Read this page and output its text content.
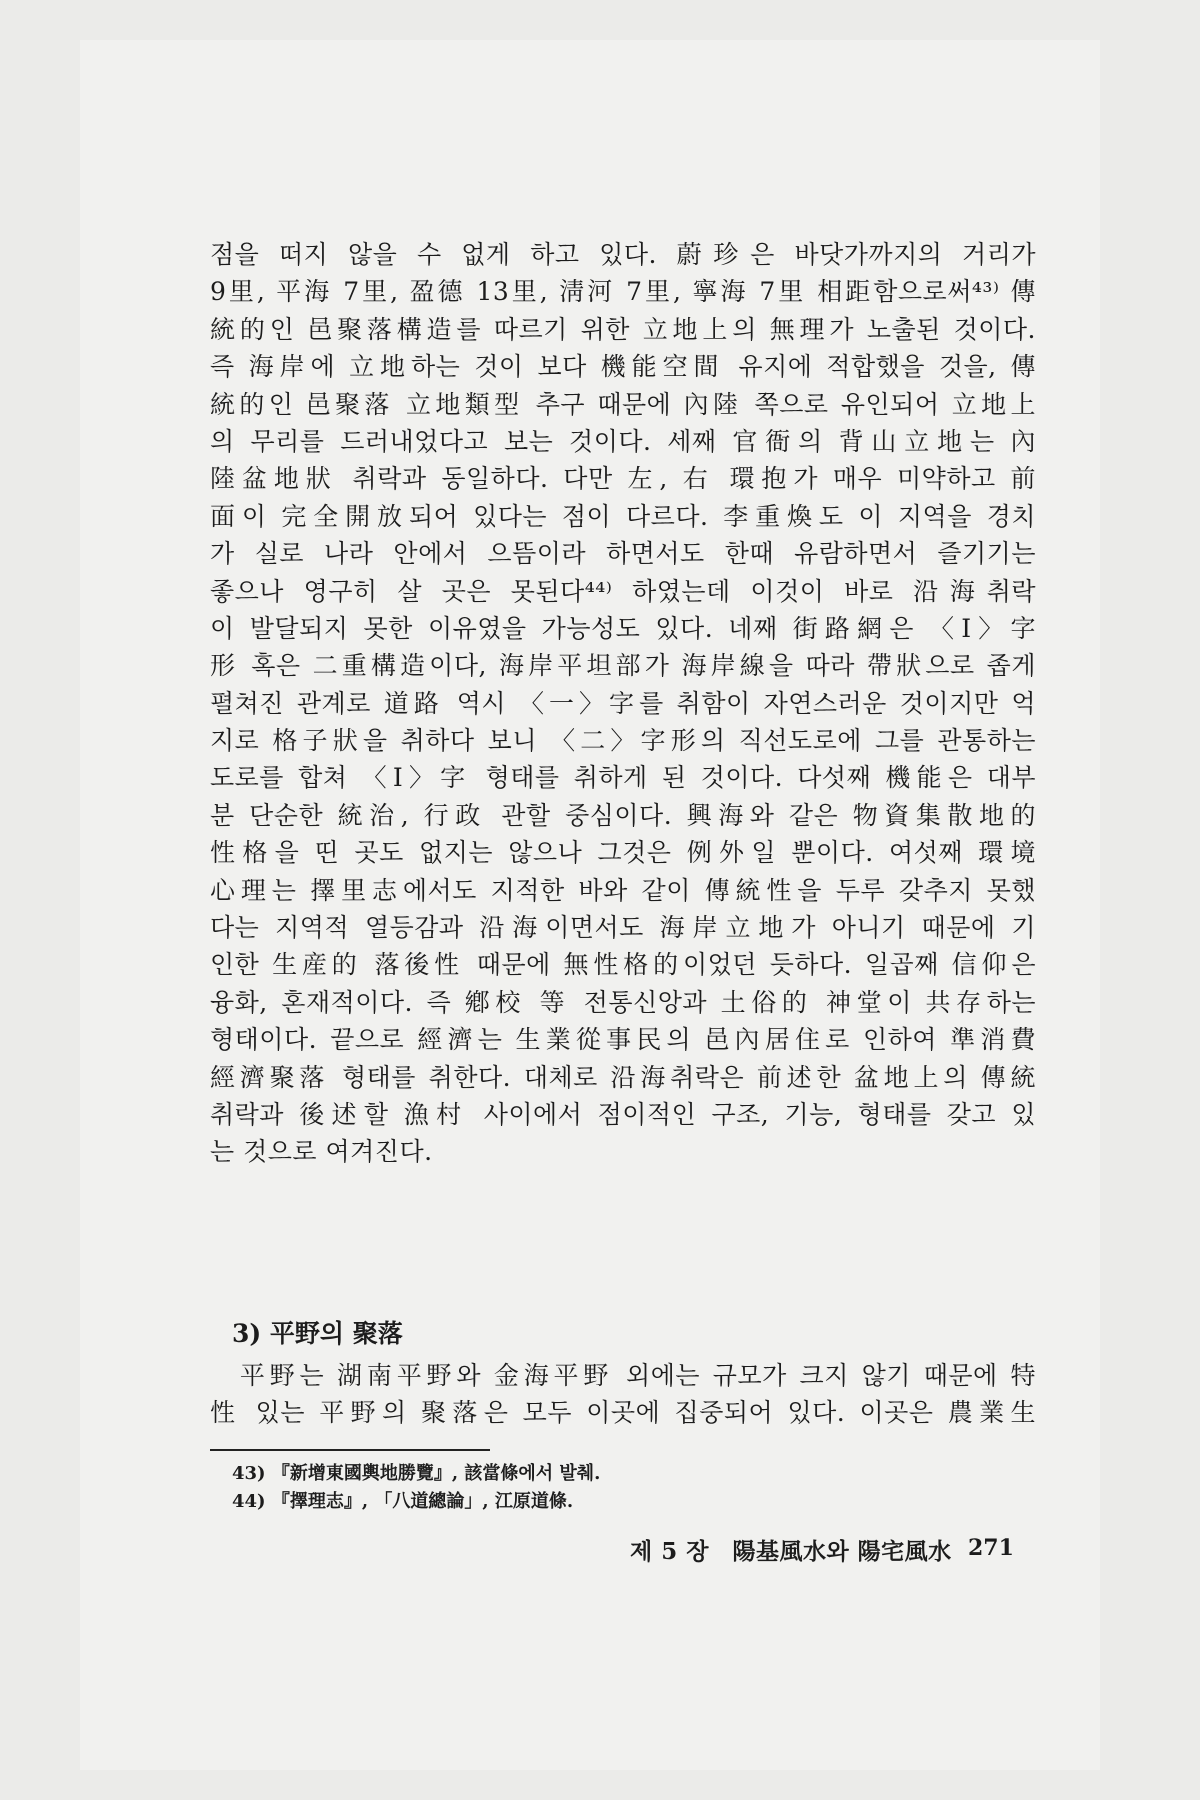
점을 떠지 않을 수 없게 하고 있다. 蔚珍은 바닷가까지의 거리가
9里, 平海 7里, 盈德 13里, 淸河 7里, 寧海 7里 相距함으로써⁴³⁾ 傳
統的인 邑聚落構造를 따르기 위한 立地上의 無理가 노출된 것이다.
즉 海岸에 立地하는 것이 보다 機能空間 유지에 적합했을 것을, 傳
統的인 邑聚落 立地類型 추구 때문에 內陸 쪽으로 유인되어 立地上
의 무리를 드러내었다고 보는 것이다. 세째 官衙의 背山立地는 內
陸盆地狀 취락과 동일하다. 다만 左, 右 環抱가 매우 미약하고 前
面이 完全開放되어 있다는 점이 다르다. 李重煥도 이 지역을 경치
가 실로 나라 안에서 으뜸이라 하면서도 한때 유람하면서 즐기기는
좋으나 영구히 살 곳은 못된다⁴⁴⁾ 하였는데 이것이 바로 沿海취락
이 발달되지 못한 이유였을 가능성도 있다. 네째 街路網은 〈I〉字
形 혹은 二重構造이다, 海岸平坦部가 海岸線을 따라 帶狀으로 좁게
펼쳐진 관계로 道路 역시 〈一〉字를 취함이 자연스러운 것이지만 억
지로 格子狀을 취하다 보니 〈二〉字形의 직선도로에 그를 관통하는
도로를 합쳐 〈I〉字 형태를 취하게 된 것이다. 다섯째 機能은 대부
분 단순한 統治, 行政 관할 중심이다. 興海와 같은 物資集散地的
性格을 띤 곳도 없지는 않으나 그것은 例外일 뿐이다. 여섯째 環境
心理는 擇里志에서도 지적한 바와 같이 傳統性을 두루 갖추지 못했
다는 지역적 열등감과 沿海이면서도 海岸立地가 아니기 때문에 기
인한 生産的 落後性 때문에 無性格的이었던 듯하다. 일곱째 信仰은
융화, 혼재적이다. 즉 鄕校 等 전통신앙과 土俗的 神堂이 共存하는
형태이다. 끝으로 經濟는 生業從事民의 邑內居住로 인하여 準消費
經濟聚落 형태를 취한다. 대체로 沿海취락은 前述한 盆地上의 傳統
취락과 後述할 漁村 사이에서 점이적인 구조, 기능, 형태를 갖고 있
는 것으로 여겨진다.
3) 平野의 聚落
　平野는 湖南平野와 金海平野 외에는 규모가 크지 않기 때문에 特
性 있는 平野의 聚落은 모두 이곳에 집중되어 있다. 이곳은 農業生
43) 『新增東國輿地勝覽』, 該當條에서 발췌.
44) 『擇理志』, 「八道總論」, 江原道條.
제 5 장　陽基風水와 陽宅風水 271
